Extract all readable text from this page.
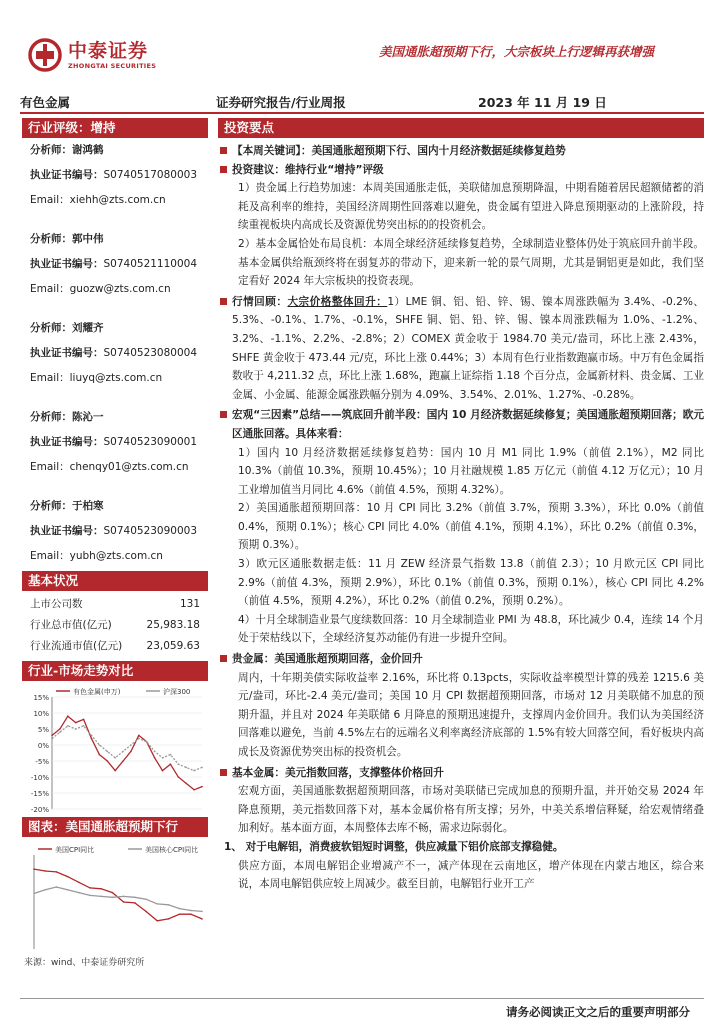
中泰证券
ZHONGTAI SECURITIES
美国通胀超预期下行，大宗板块上行逻辑再获增强
有色金属	证券研究报告/行业周报	2023 年 11 月 19 日
行业评级：增持
分析师：谢鸿鹤
执业证书编号：S0740517080003
Email：xiehh@zts.com.cn
分析师：郭中伟
执业证书编号：S0740521110004
Email：guozw@zts.com.cn
分析师：刘耀齐
执业证书编号：S0740523080004
Email：liuyq@zts.com.cn
分析师：陈沁一
执业证书编号：S0740523090001
Email：chenqy01@zts.com.cn
分析师：于柏寒
执业证书编号：S0740523090003
Email：yubh@zts.com.cn
基本状况
上市公司数	131
行业总市值(亿元)	25,983.18
行业流通市值(亿元) 23,059.63
行业-市场走势对比
15%
10%
5%
0%
-5%
-10%
-15%
-20%
有色金属(申万)	沪深300
图表：美国通胀超预期下行
美国CPI同比	美国核心CPI同比
来源：wind、中泰证券研究所
投资要点
【本周关键词】：美国通胀超预期下行、国内十月经济数据延续修复趋势
投资建议：维持行业“增持”评级
1）贵金属上行趋势加速：本周美国通胀走低，美联储加息预期降温，中期看随着居民超额储蓄的消耗及高利率的维持，美国经济周期性回落难以避免，贵金属有望进入降息预期驱动的上涨阶段，持续重视板块内高成长及资源优势突出标的的投资机会。
2）基本金属恰处布局良机：本周全球经济延续修复趋势，全球制造业整体仍处于筑底回升前半段。基本金属供给瓶颈终将在弱复苏的带动下，迎来新一轮的景气周期，尤其是铜铝更是如此，我们坚定看好 2024 年大宗板块的投资表现。
行情回顾：大宗价格整体回升：1）LME 铜、铝、铅、锌、锡、镍本周涨跌幅为 3.4%、-0.2%、5.3%、-0.1%、1.7%、-0.1%，SHFE 铜、铝、铅、锌、锡、镍本周涨跌幅为 1.0%、-1.2%、3.2%、-1.1%、2.2%、-2.8%；2）COMEX 黄金收于 1984.70 美元/盎司，环比上涨 2.43%，SHFE 黄金收于 473.44 元/克，环比上涨 0.44%；3）本周有色行业指数跑赢市场。中万有色金属指数收于 4,211.32 点，环比上涨 1.68%，跑赢上证综指 1.18 个百分点，金属新材料、贵金属、工业金属、小金属、能源金属涨跌幅分别为 4.09%、3.54%、2.01%、1.27%、-0.28%。
宏观“三因素”总结——筑底回升前半段：国内 10 月经济数据延续修复；美国通胀超预期回落；欧元区通胀回落。具体来看：
1）国内 10 月经济数据延续修复趋势：国内 10 月 M1 同比 1.9%（前值 2.1%），M2 同比 10.3%（前值 10.3%，预期 10.45%）；10 月社融规模 1.85 万亿元（前值 4.12 万亿元）；10 月工业增加值当月同比 4.6%（前值 4.5%，预期 4.32%）。
2）美国通胀超预期回落：10 月 CPI 同比 3.2%（前值 3.7%，预期 3.3%），环比 0.0%（前值 0.4%，预期 0.1%）；核心 CPI 同比 4.0%（前值 4.1%，预期 4.1%），环比 0.2%（前值 0.3%，预期 0.3%）。
3）欧元区通胀数据走低：11 月 ZEW 经济景气指数 13.8（前值 2.3）；10 月欧元区 CPI 同比 2.9%（前值 4.3%，预期 2.9%），环比 0.1%（前值 0.3%，预期 0.1%），核心 CPI 同比 4.2%（前值 4.5%，预期 4.2%），环比 0.2%（前值 0.2%，预期 0.2%）。
4）十月全球制造业景气度续数回落：10 月全球制造业 PMI 为 48.8，环比减少 0.4，连续 14 个月处于荣枯线以下，全球经济复苏动能仍有进一步提升空间。
贵金属：美国通胀超预期回落，金价回升
周内，十年期美债实际收益率 2.16%，环比将 0.13pcts，实际收益率模型计算的残差 1215.6 美元/盎司，环比-2.4 美元/盎司；美国 10 月 CPI 数据超预期回落，市场对 12 月美联储不加息的预期升温，并且对 2024 年美联储 6 月降息的预期迅速提升，支撑周内金价回升。我们认为美国经济回落难以避免，当前 4.5%左右的远端名义利率离经济底部的 1.5%有较大回落空间，看好板块内高成长及资源优势突出标的投资机会。
基本金属：美元指数回落，支撑整体价格回升
宏观方面，美国通胀数据超预期回落，市场对美联储已完成加息的预期升温，并开始交易 2024 年降息预期，美元指数回落下对，基本金属价格有所支撑；另外，中美关系增信释疑，给宏观情绪叠加利好。基本面方面，本周整体去库不畅，需求边际弱化。
1、 对于电解铝，消费疲软铝短时调整，供应减量下铝价底部支撑稳健。
供应方面，本周电解铝企业增减产不一，减产体现在云南地区，增产体现在内蒙古地区，综合来说，本周电解铝供应较上周减少。截至目前，电解铝行业开工产
请务必阅读正文之后的重要声明部分
